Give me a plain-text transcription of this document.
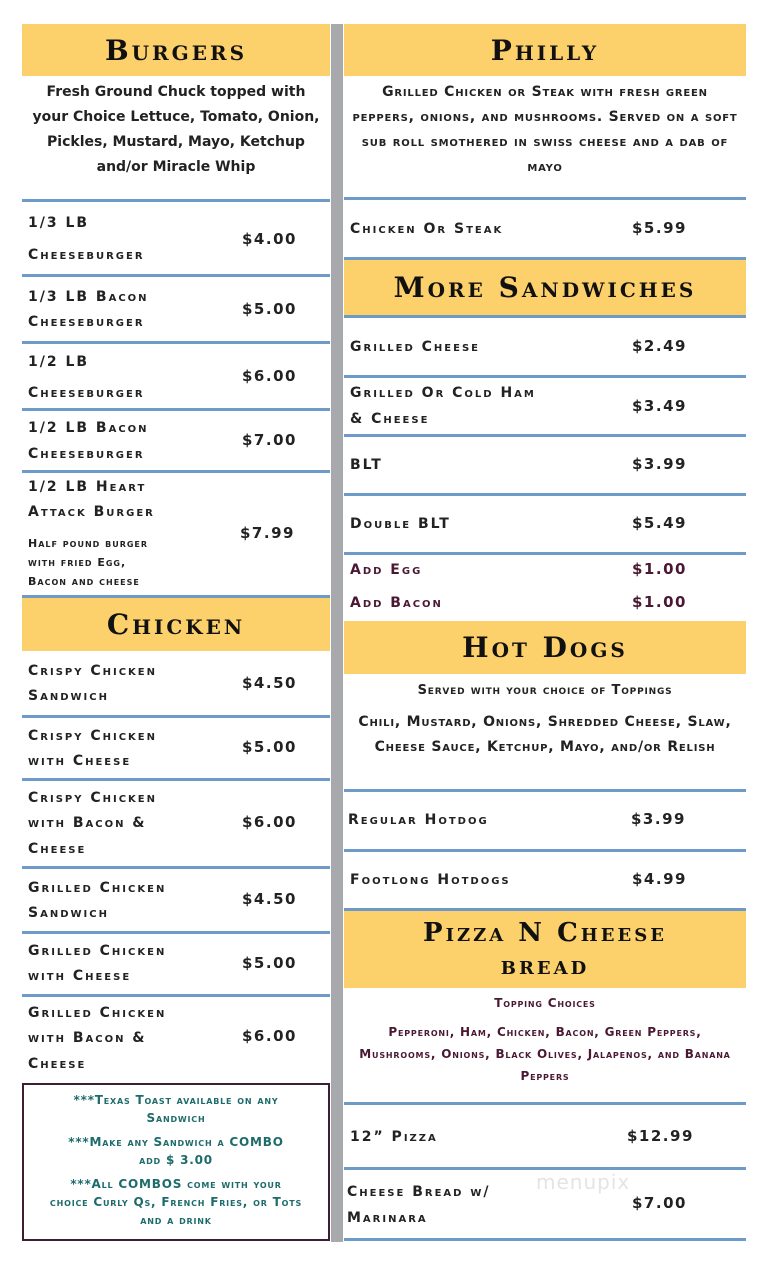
Burgers
Fresh Ground Chuck topped with your Choice Lettuce, Tomato, Onion, Pickles, Mustard, Mayo, Ketchup and/or Miracle Whip
1/3 LB
Cheeseburger
$4.00
1/3 LB Bacon
Cheeseburger
$5.00
1/2 LB
Cheeseburger
$6.00
1/2 LB Bacon
Cheeseburger
$7.00
1/2 LB Heart
Attack Burger
Half pound burger
with fried Egg,
Bacon and cheese
$7.99
Chicken
Crispy Chicken
Sandwich
$4.50
Crispy Chicken
with Cheese
$5.00
Crispy Chicken
with Bacon &
Cheese
$6.00
Grilled Chicken
Sandwich
$4.50
Grilled Chicken
with Cheese
$5.00
Grilled Chicken
with Bacon &
Cheese
$6.00

***Texas Toast available on any
Sandwich

***Make any Sandwich a COMBO
add $ 3.00

***All COMBOS come with your
choice Curly Qs, French Fries, or Tots
and a drink

Philly
Grilled Chicken or Steak with fresh green peppers, onions, and mushrooms. Served on a soft sub roll smothered in swiss cheese and a dab of mayo
Chicken Or Steak	$5.99
More Sandwiches
Grilled Cheese	$2.49
Grilled Or Cold Ham
& Cheese
$3.49
BLT	$3.99
Double BLT	$5.49
Add Egg	$1.00
Add Bacon	$1.00
Hot Dogs
Served with your choice of Toppings
Chili, Mustard, Onions, Shredded Cheese, Slaw, Cheese Sauce, Ketchup, Mayo, and/or Relish
Regular Hotdog	$3.99
Footlong Hotdogs	$4.99
Pizza N Cheese
bread
Topping Choices
Pepperoni, Ham, Chicken, Bacon, Green Peppers, Mushrooms, Onions, Black Olives, Jalapenos, and Banana Peppers
12” Pizza	$12.99
Cheese Bread w/
Marinara
$7.00
menupix
